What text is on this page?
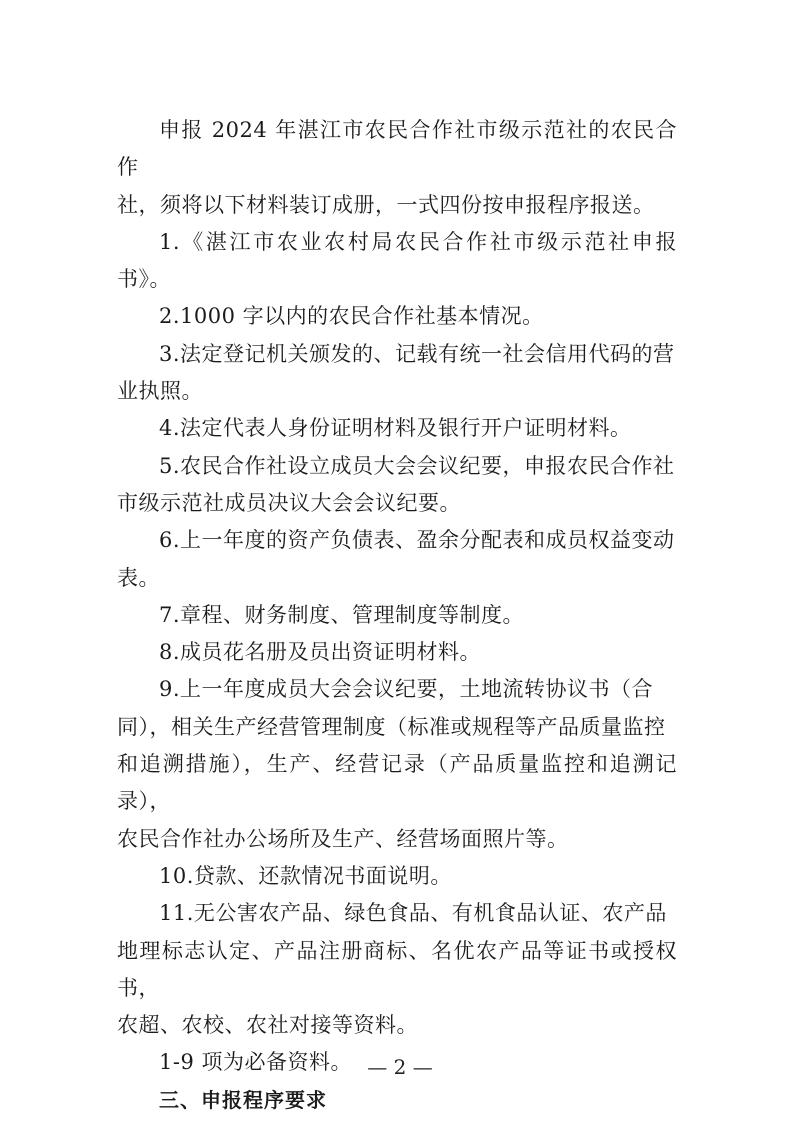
申报 2024 年湛江市农民合作社市级示范社的农民合作
社，须将以下材料装订成册，一式四份按申报程序报送。

1.《湛江市农业农村局农民合作社市级示范社申报书》。

2.1000 字以内的农民合作社基本情况。

3.法定登记机关颁发的、记载有统一社会信用代码的营
业执照。

4.法定代表人身份证明材料及银行开户证明材料。

5.农民合作社设立成员大会会议纪要，申报农民合作社
市级示范社成员决议大会会议纪要。

6.上一年度的资产负债表、盈余分配表和成员权益变动
表。

7.章程、财务制度、管理制度等制度。

8.成员花名册及员出资证明材料。

9.上一年度成员大会会议纪要，土地流转协议书（合
同），相关生产经营管理制度（标准或规程等产品质量监控
和追溯措施），生产、经营记录（产品质量监控和追溯记录），
农民合作社办公场所及生产、经营场面照片等。

10.贷款、还款情况书面说明。

11.无公害农产品、绿色食品、有机食品认证、农产品
地理标志认定、产品注册商标、名优农产品等证书或授权书，
农超、农校、农社对接等资料。

1-9 项为必备资料。

三、申报程序要求

— 2 —
